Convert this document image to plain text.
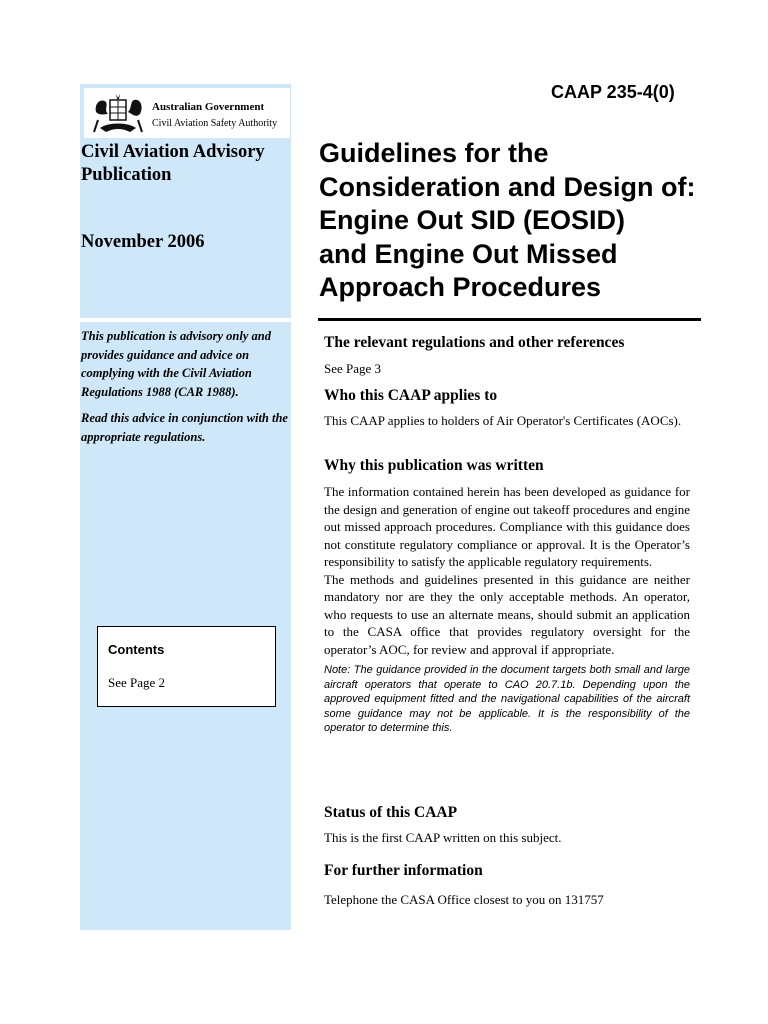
Australian Government
Civil Aviation Safety Authority
Civil Aviation Advisory Publication
November 2006

This publication is advisory only and provides guidance and advice on complying with the Civil Aviation Regulations 1988 (CAR 1988).

Read this advice in conjunction with the appropriate regulations.

Contents
See Page 2
CAAP 235-4(0)
Guidelines for the
Consideration and Design of:
Engine Out SID (EOSID)
and Engine Out Missed
Approach Procedures
The relevant regulations and other references

See Page 3

Who this CAAP applies to

This CAAP applies to holders of Air Operator's Certificates (AOCs).

Why this publication was written

The information contained herein has been developed as guidance for the design and generation of engine out takeoff procedures and engine out missed approach procedures. Compliance with this guidance does not constitute regulatory compliance or approval. It is the Operator’s responsibility to satisfy the applicable regulatory requirements.

The methods and guidelines presented in this guidance are neither mandatory nor are they the only acceptable methods. An operator, who requests to use an alternate means, should submit an application to the CASA office that provides regulatory oversight for the operator’s AOC, for review and approval if appropriate.

Note: The guidance provided in the document targets both small and large aircraft operators that operate to CAO 20.7.1b. Depending upon the approved equipment fitted and the navigational capabilities of the aircraft some guidance may not be applicable. It is the responsibility of the operator to determine this.

Status of this CAAP

This is the first CAAP written on this subject.

For further information

Telephone the CASA Office closest to you on 131757
